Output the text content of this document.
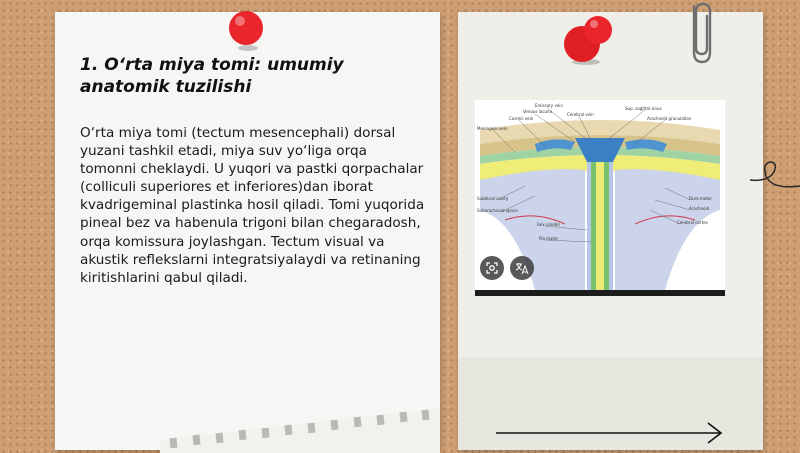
1. O‘rta miya tomi: umumiy anatomik tuzilishi

O‘rta miya tomi (tectum mesencephali) dorsal yuzani tashkil etadi, miya suv yo‘liga orqa tomonni cheklaydi. U yuqori va pastki qorpachalar (colliculi superiores et inferiores)dan iborat kvadrigeminal plastinka hosil qiladi. Tomi yuqorida pineal bez va habenula trigoni bilan chegaradosh, orqa komissura joylashgan. Tectum visual va akustik reflekslarni integratsiyalaydi va retinaning kiritishlarini qabul qiladi.

Emissary vein
Venous lacuna
Cosmic vein
Meningeal vein
Cerebral vein
Sup. sagittal sinus
Arachnoid granulation
Subdural cavity
Subarachnoid space
Falx cerebri
Pia mater
Dura mater
Arachnoid
Cerebral cortex
